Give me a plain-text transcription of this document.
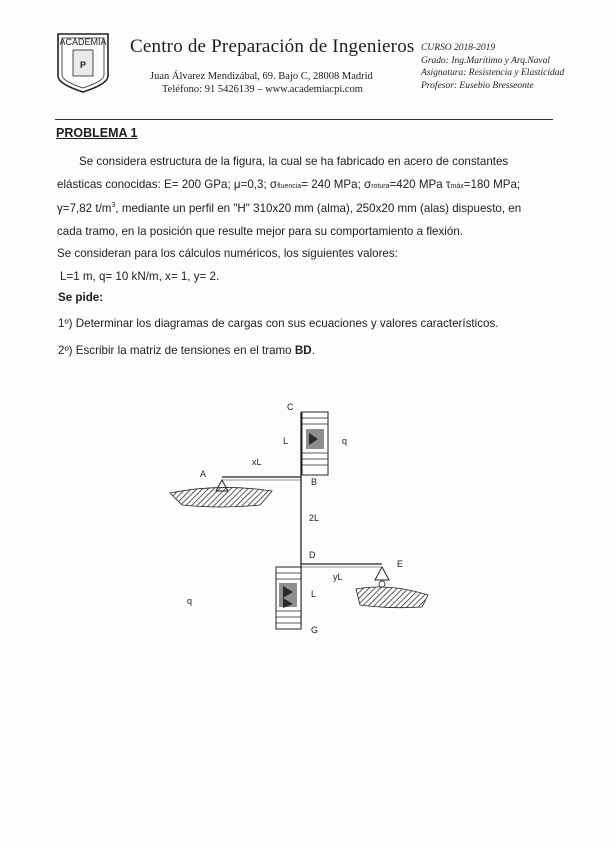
ACADEMIA
P
Centro de Preparación de Ingenieros
Juan Álvarez Mendizábal, 69. Bajo C, 28008 Madrid
Teléfono: 91 5426139 – www.academiacpi.com
CURSO 2018-2019
Grado: Ing.Marítimo y Arq.Naval
Asignatura: Resistencia y Elasticidad
Profesor: Eusebio Bresseonte
PROBLEMA 1
Se considera estructura de la figura, la cual se ha fabricado en acero de constantes
elásticas conocidas: E= 200 GPa; μ=0,3; σfluencia= 240 MPa; σrotura=420 MPa τmáx=180 MPa;
γ=7,82 $t/m^3$, mediante un perfil en "H" 310x20 mm (alma), 250x20 mm (alas) dispuesto, en
cada tramo, en la posición que resulte mejor para su comportamiento a flexión.
Se consideran para los cálculos numéricos, los siguientes valores:
L=1 m, q= 10 kN/m, x= 1, y= 2.
Se pide:
1º) Determinar los diagramas de cargas con sus ecuaciones y valores característicos.
2º) Escribir la matriz de tensiones en el tramo BD.
C
L	q
xL
A
B
2L
D
yL
E
q
L
G
